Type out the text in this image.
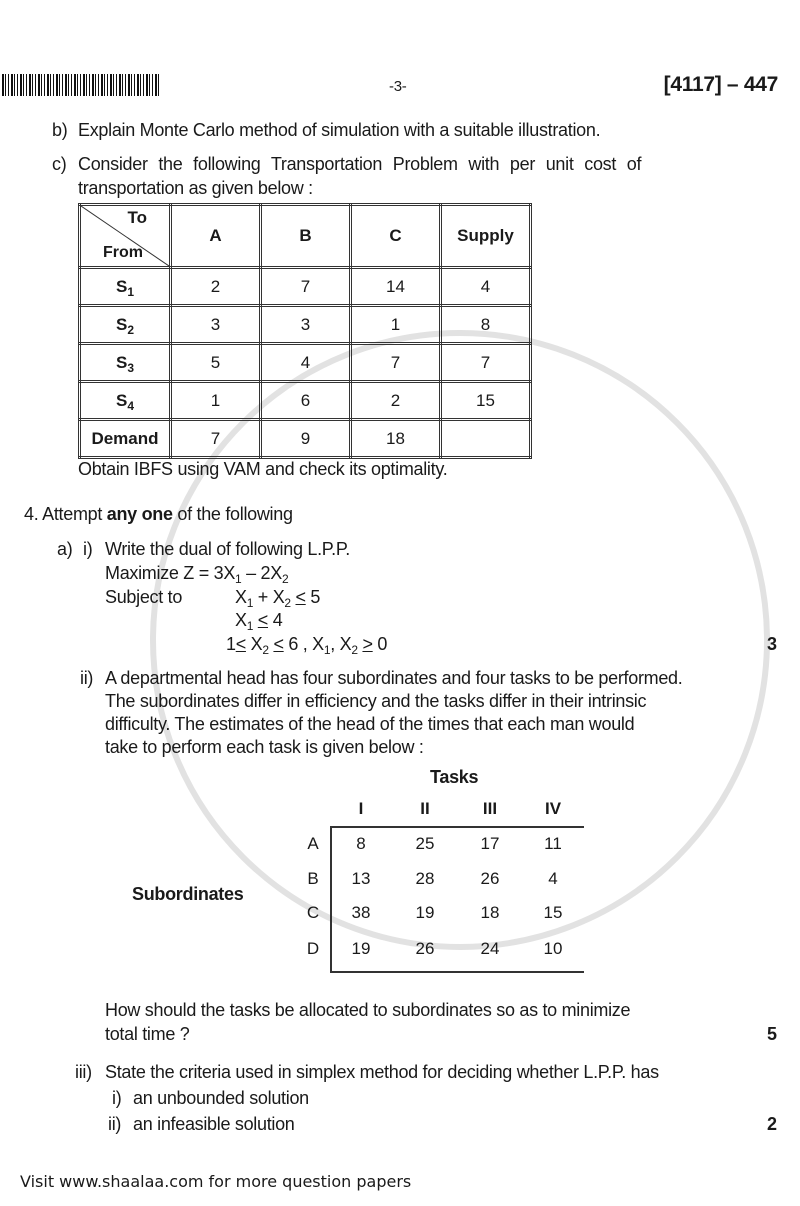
-3-	[4117] – 447
b) Explain Monte Carlo method of simulation with a suitable illustration.
c) Consider the following Transportation Problem with per unit cost of
transportation as given below :
To
From	A	B	C	Supply
$S_1$	2	7	14	4
$S_2$	3	3	1	8
$S_3$	5	4	7	7
$S_4$	1	6	2	15
Demand	7	9	18	
Obtain IBFS using VAM and check its optimality.
4. Attempt any one of the following
a) i) Write the dual of following L.P.P.
Maximize $Z = 3X_1 - 2X_2$
Subject to	$X_1 + X_2 < 5$
$X_1 < 4$
$1< X_2 < 6$ , $X_1$, $X_2 > 0$	3
ii) A departmental head has four subordinates and four tasks to be performed.
The subordinates differ in efficiency and the tasks differ in their intrinsic
difficulty. The estimates of the head of the times that each man would
take to perform each task is given below :
Tasks
I	II	III	IV
Subordinates
A	8	25	17	11
B	13	28	26	4
C	38	19	18	15
D	19	26	24	10
How should the tasks be allocated to subordinates so as to minimize
total time ?	5
iii) State the criteria used in simplex method for deciding whether L.P.P. has
i) an unbounded solution
ii) an infeasible solution	2
Visit www.shaalaa.com for more question papers
